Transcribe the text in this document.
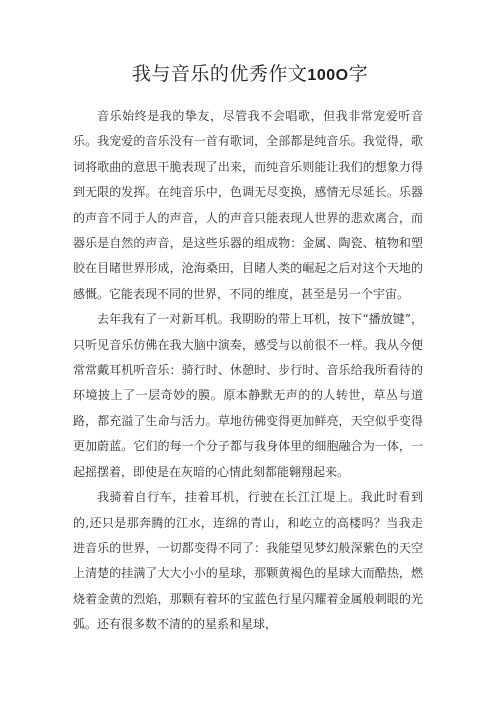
我与音乐的优秀作文100O字

音乐始终是我的挚友，尽管我不会唱歌，但我非常宠爱听音乐。我宠爱的音乐没有一首有歌词，全部都是纯音乐。我觉得，歌词将歌曲的意思干脆表现了出来，而纯音乐则能让我们的想象力得到无限的发挥。在纯音乐中，色调无尽变换，感情无尽延长。乐器的声音不同于人的声音，人的声音只能表现人世界的悲欢离合，而器乐是自然的声音，是这些乐器的组成物：金属、陶瓷、植物和塑胶在目睹世界形成，沧海桑田，目睹人类的崛起之后对这个天地的感慨。它能表现不同的世界，不同的维度，甚至是另一个宇宙。

去年我有了一对新耳机。我期盼的带上耳机，按下“播放键”，只听见音乐仿佛在我大脑中演奏，感受与以前很不一样。我从今便常常戴耳机听音乐：骑行时、休憩时、步行时、音乐给我所看待的环境披上了一层奇妙的膜。原本静默无声的的人转世，草丛与道路，都充溢了生命与活力。草地彷佛变得更加鲜亮，天空似乎变得更加蔚蓝。它们的每一个分子都与我身体里的细胞融合为一体，一起摇摆着，即使是在灰暗的心情此刻都能翱翔起来。

我骑着自行车，挂着耳机，行驶在长江江堤上。我此时看到的,还只是那奔腾的江水，连绵的青山，和屹立的高楼吗？当我走进音乐的世界，一切都变得不同了：我能望见梦幻般深紫色的天空上清楚的挂满了大大小小的星球，那颗黄褐色的星球大而酷热，燃烧着金黄的烈焰，那颗有着环的宝蓝色行星闪耀着金属般刺眼的光弧。还有很多数不清的的星系和星球，
